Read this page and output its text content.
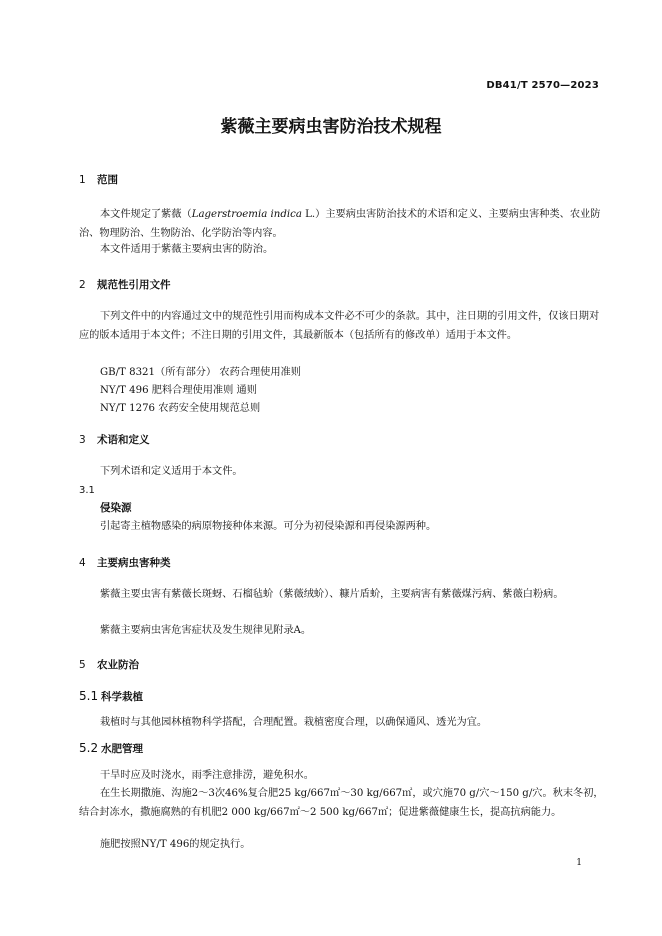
DB41/T 2570—2023
紫薇主要病虫害防治技术规程
1 范围
本文件规定了紫薇（Lagerstroemia indica L.）主要病虫害防治技术的术语和定义、主要病虫害种类、农业防治、物理防治、生物防治、化学防治等内容。
本文件适用于紫薇主要病虫害的防治。
2 规范性引用文件
下列文件中的内容通过文中的规范性引用而构成本文件必不可少的条款。其中，注日期的引用文件，仅该日期对应的版本适用于本文件；不注日期的引用文件，其最新版本（包括所有的修改单）适用于本文件。
GB/T 8321（所有部分） 农药合理使用准则
NY/T 496 肥料合理使用准则 通则
NY/T 1276 农药安全使用规范总则
3 术语和定义
下列术语和定义适用于本文件。
3.1
侵染源
引起寄主植物感染的病原物接种体来源。可分为初侵染源和再侵染源两种。
4 主要病虫害种类
紫薇主要虫害有紫薇长斑蚜、石榴毡蚧（紫薇绒蚧）、糠片盾蚧，主要病害有紫薇煤污病、紫薇白粉病。
紫薇主要病虫害危害症状及发生规律见附录A。
5 农业防治
5.1 科学栽植
栽植时与其他园林植物科学搭配，合理配置。栽植密度合理，以确保通风、透光为宜。
5.2 水肥管理
干旱时应及时浇水，雨季注意排涝，避免积水。
在生长期撒施、沟施2～3次46%复合肥25 kg/667㎡～30 kg/667㎡，或穴施70 g/穴～150 g/穴。秋末冬初，结合封冻水，撒施腐熟的有机肥2 000 kg/667㎡～2 500 kg/667㎡；促进紫薇健康生长，提高抗病能力。
施肥按照NY/T 496的规定执行。
1
